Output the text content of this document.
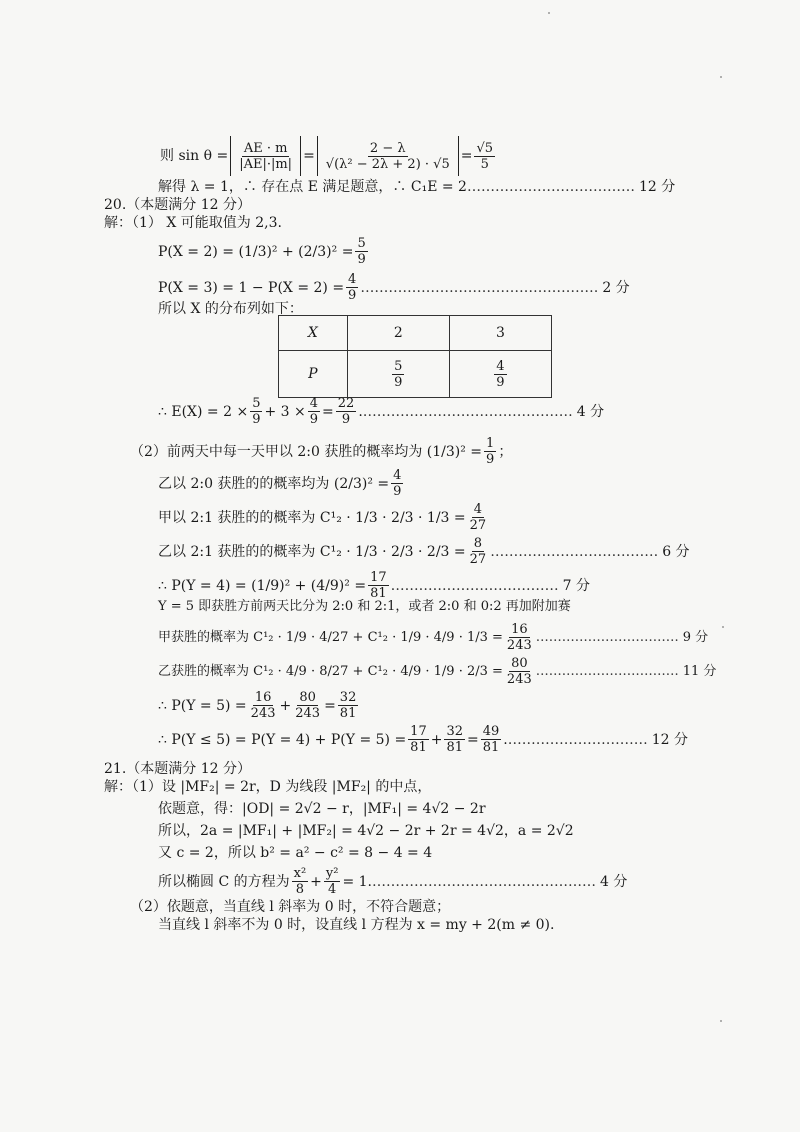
则 $\sin \theta = \frac{AE \cdot m}{|AE|\cdot|m|} = \frac{2 - \lambda}{\text{√(λ² − 2λ + 2) · √5}} = \frac{√5}{5}$
解得 λ = 1，∴ 存在点 E 满足题意，∴ C₁E = 2 ……………………………… 12 分
20.（本题满分 12 分）
解：（1） X 可能取值为 2,3.
$P(X = 2) = (1/3)^2 + (2/3)^2 = \frac{5}{9}$
$P(X = 3) = 1 - P(X = 2) = \frac{4}{9}$ …………………………………………… 2 分
所以 X 的分布列如下：
X	2	3
P	$\frac{5}{9}$	$\frac{4}{9}$
∴ $E(X) = 2 \times \frac{5}{9} + 3 \times \frac{4}{9} = \frac{22}{9}$ . ……………………………………… 4 分
（2）前两天中每一天甲以 2:0 获胜的概率均为 $(1/3)^2 = \frac{1}{9}$ ；
乙以 2:0 获胜的的概率均为 $(2/3)^2 = \frac{4}{9}$
甲以 2:1 获胜的的概率为 $C^1_2 \cdot 1/3 \cdot 2/3 \cdot 1/3 = \frac{4}{27}$
乙以 2:1 获胜的的概率为 $C^1_2 \cdot 1/3 \cdot 2/3 \cdot 2/3 = \frac{8}{27}$ ……………………………… 6 分
∴ $P(Y = 4) = (1/9)^2 + (4/9)^2 = \frac{17}{81}$ ……………………………… 7 分
Y = 5 即获胜方前两天比分为 2:0 和 2:1，或者 2:0 和 0:2 再加附加赛
甲获胜的概率为 $C^1_2 \cdot 1/9 \cdot 4/27 + C^1_2 \cdot 1/9 \cdot 4/9 \cdot 1/3 = \frac{16}{243}$ …………………………… 9 分
乙获胜的概率为 $C^1_2 \cdot 4/9 \cdot 8/27 + C^1_2 \cdot 4/9 \cdot 1/9 \cdot 2/3 = \frac{80}{243}$ …………………………… 11 分
∴ $P(Y = 5) = \frac{16}{243} + \frac{80}{243} = \frac{32}{81}$
∴ $P(Y \le 5) = P(Y = 4) + P(Y = 5) = \frac{17}{81} + \frac{32}{81} = \frac{49}{81}$ . ………………………… 12 分
21.（本题满分 12 分）
解：（1）设 |MF₂| = 2r，D 为线段 |MF₂| 的中点，
依题意，得：|OD| = 2√2 − r，|MF₁| = 4√2 − 2r
所以，2a = |MF₁| + |MF₂| = 4√2 − 2r + 2r = 4√2，a = 2√2
又 c = 2，所以 b² = a² − c² = 8 − 4 = 4
所以椭圆 C 的方程为 $\frac{\text{x²}}{8} + \frac{\text{y²}}{4} = 1$. ………………………………………… 4 分
（2）依题意，当直线 l 斜率为 0 时，不符合题意；
当直线 l 斜率不为 0 时，设直线 l 方程为 x = my + 2(m ≠ 0).
